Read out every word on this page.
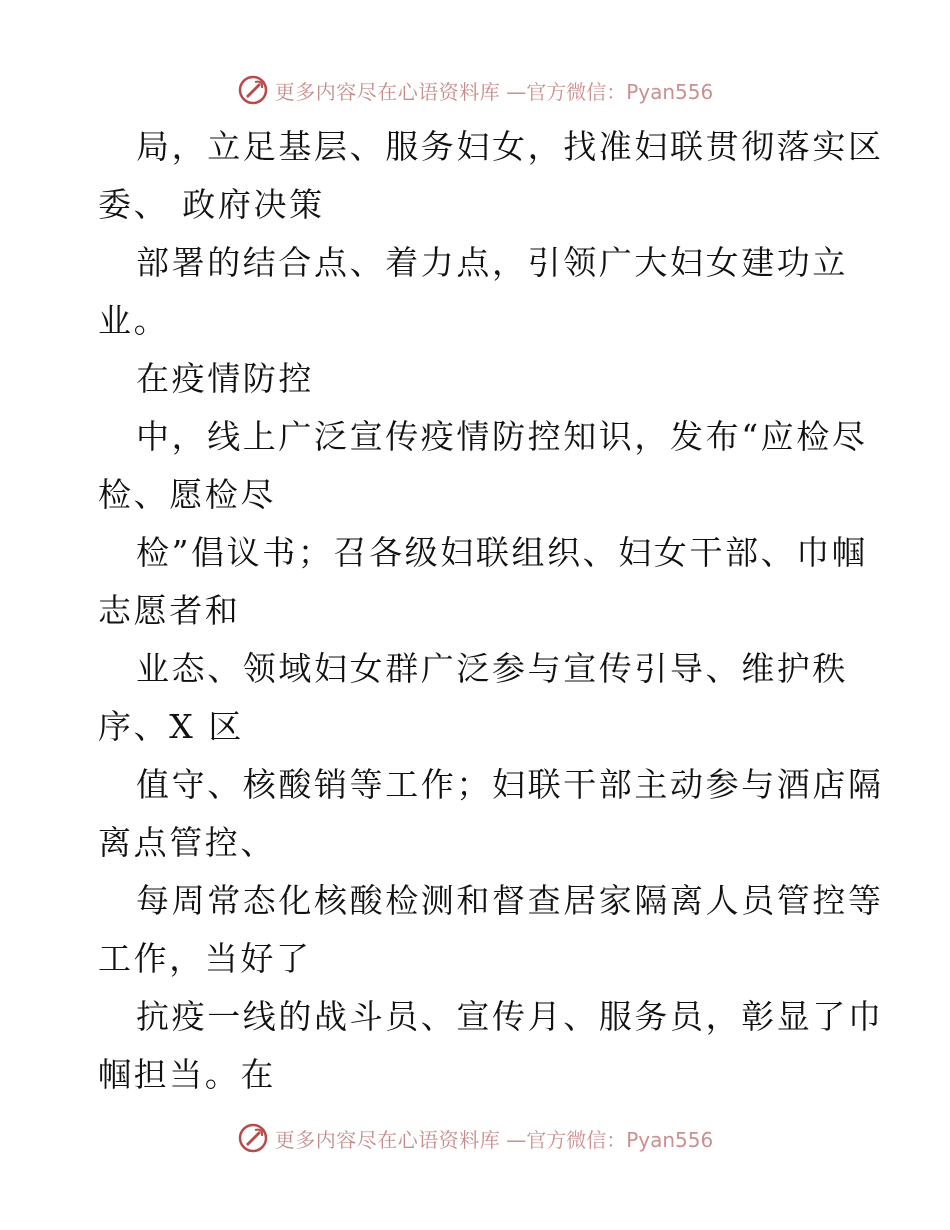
更多内容尽在心语资料库 —官方微信：Pyan556
局，立足基层、服务妇女，找准妇联贯彻落实区
委、 政府决策
部署的结合点、着力点，引领广大妇女建功立
业。
在疫情防控
中，线上广泛宣传疫情防控知识，发布“应检尽
检、愿检尽
检”倡议书；召各级妇联组织、妇女干部、巾帼
志愿者和
业态、领域妇女群广泛参与宣传引导、维护秩
序、X 区
值守、核酸销等工作；妇联干部主动参与酒店隔
离点管控、
每周常态化核酸检测和督查居家隔离人员管控等
工作，当好了
抗疫一线的战斗员、宣传月、服务员，彰显了巾
帼担当。在
更多内容尽在心语资料库 —官方微信：Pyan556
